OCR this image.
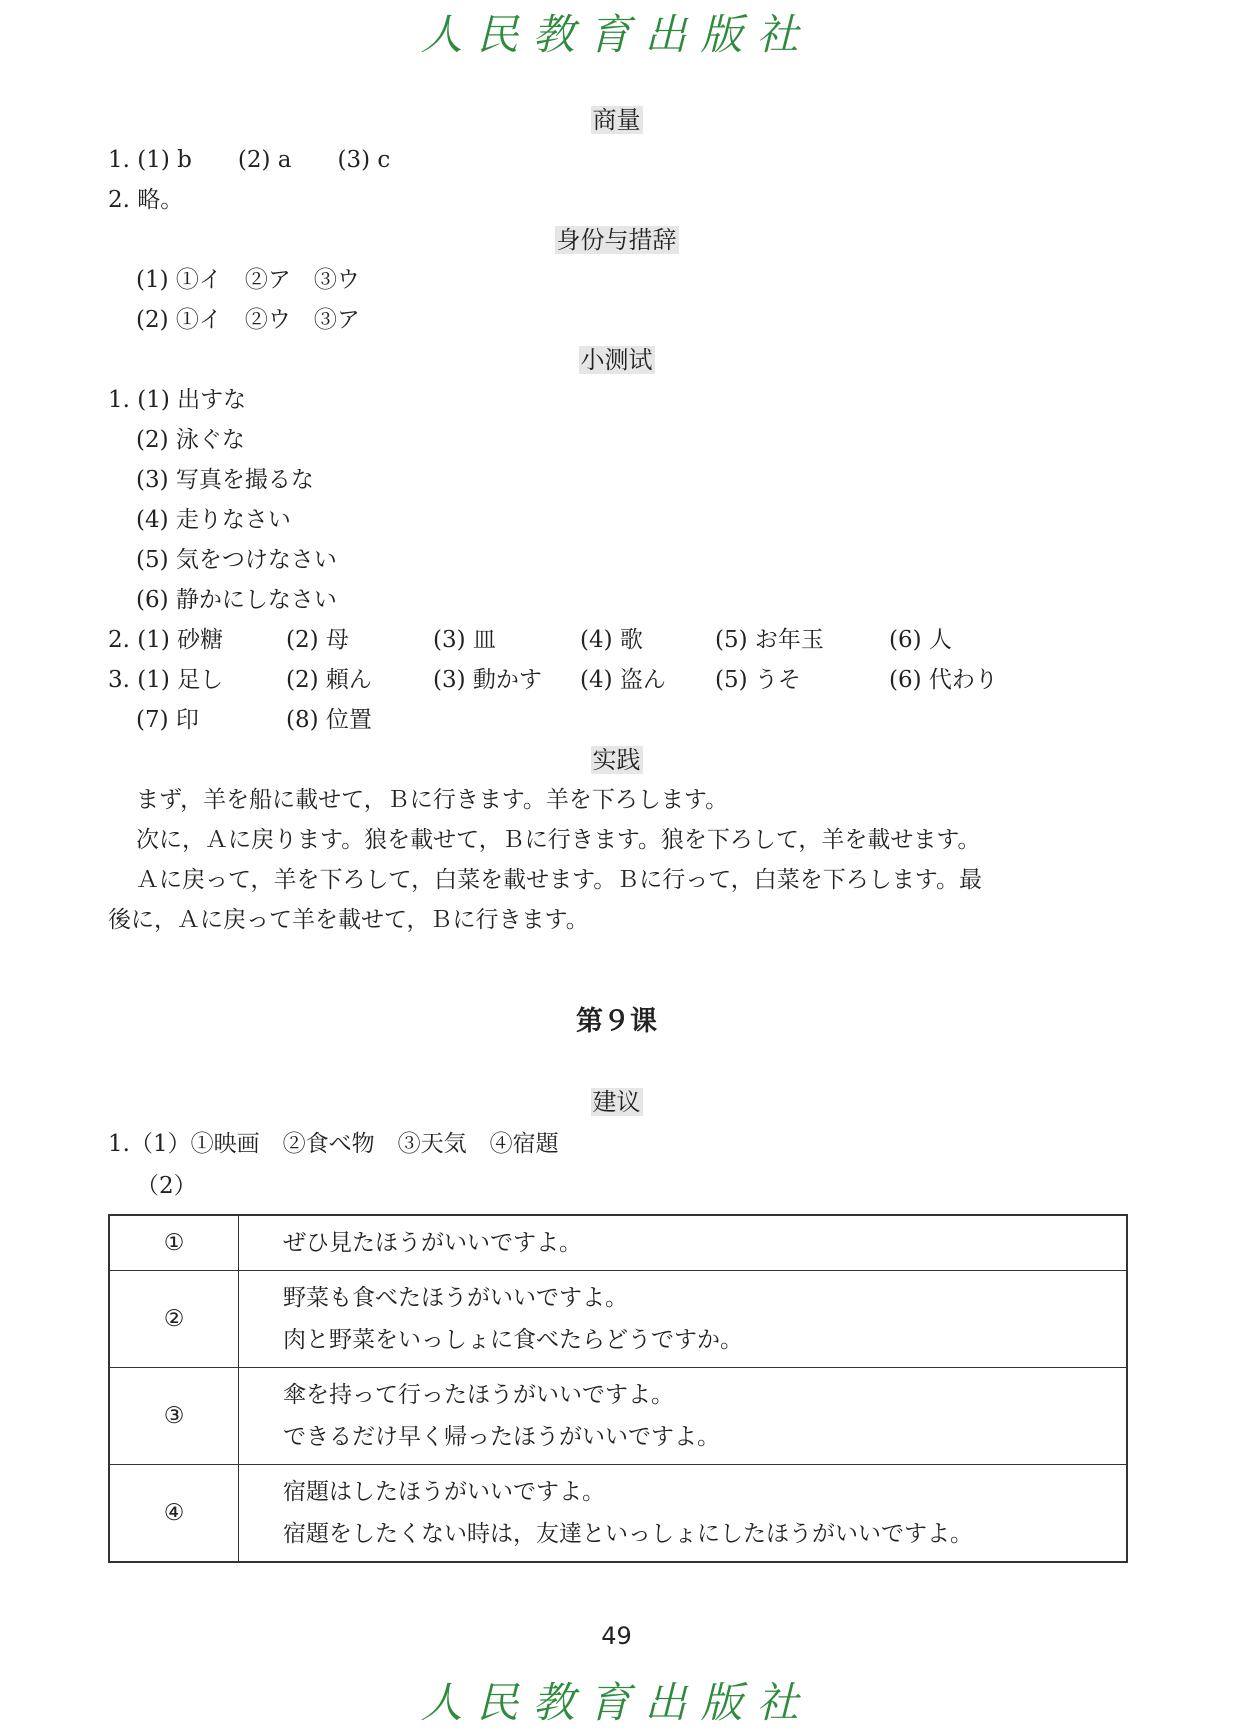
人民教育出版社
商量
1. (1) b　　(2) a　　(3) c
2. 略。
身份与措辞
(1) ①イ　②ア　③ウ
(2) ①イ　②ウ　③ア
小测试
1. (1) 出すな
(2) 泳ぐな
(3) 写真を撮るな
(4) 走りなさい
(5) 気をつけなさい
(6) 静かにしなさい
2. (1) 砂糖	(2) 母	(3) 皿	(4) 歌	(5) お年玉	(6) 人
3. (1) 足し	(2) 頼ん	(3) 動かす (4) 盗ん (5) うそ	(6) 代わり
(7) 印	(8) 位置
实践
まず，羊を船に載せて，Ｂに行きます。羊を下ろします。
次に，Ａに戻ります。狼を載せて，Ｂに行きます。狼を下ろして，羊を載せます。
Ａに戻って，羊を下ろして，白菜を載せます。Ｂに行って，白菜を下ろします。最
後に，Ａに戻って羊を載せて，Ｂに行きます。
第９课
建议
1.（1）①映画　②食べ物　③天気　④宿題
（2）
①	ぜひ見たほうがいいですよ。

②	野菜も食べたほうがいいですよ。
肉と野菜をいっしょに食べたらどうですか。

③	傘を持って行ったほうがいいですよ。
できるだけ早く帰ったほうがいいですよ。

④	宿題はしたほうがいいですよ。
宿題をしたくない時は，友達といっしょにしたほうがいいですよ。
49
人民教育出版社
